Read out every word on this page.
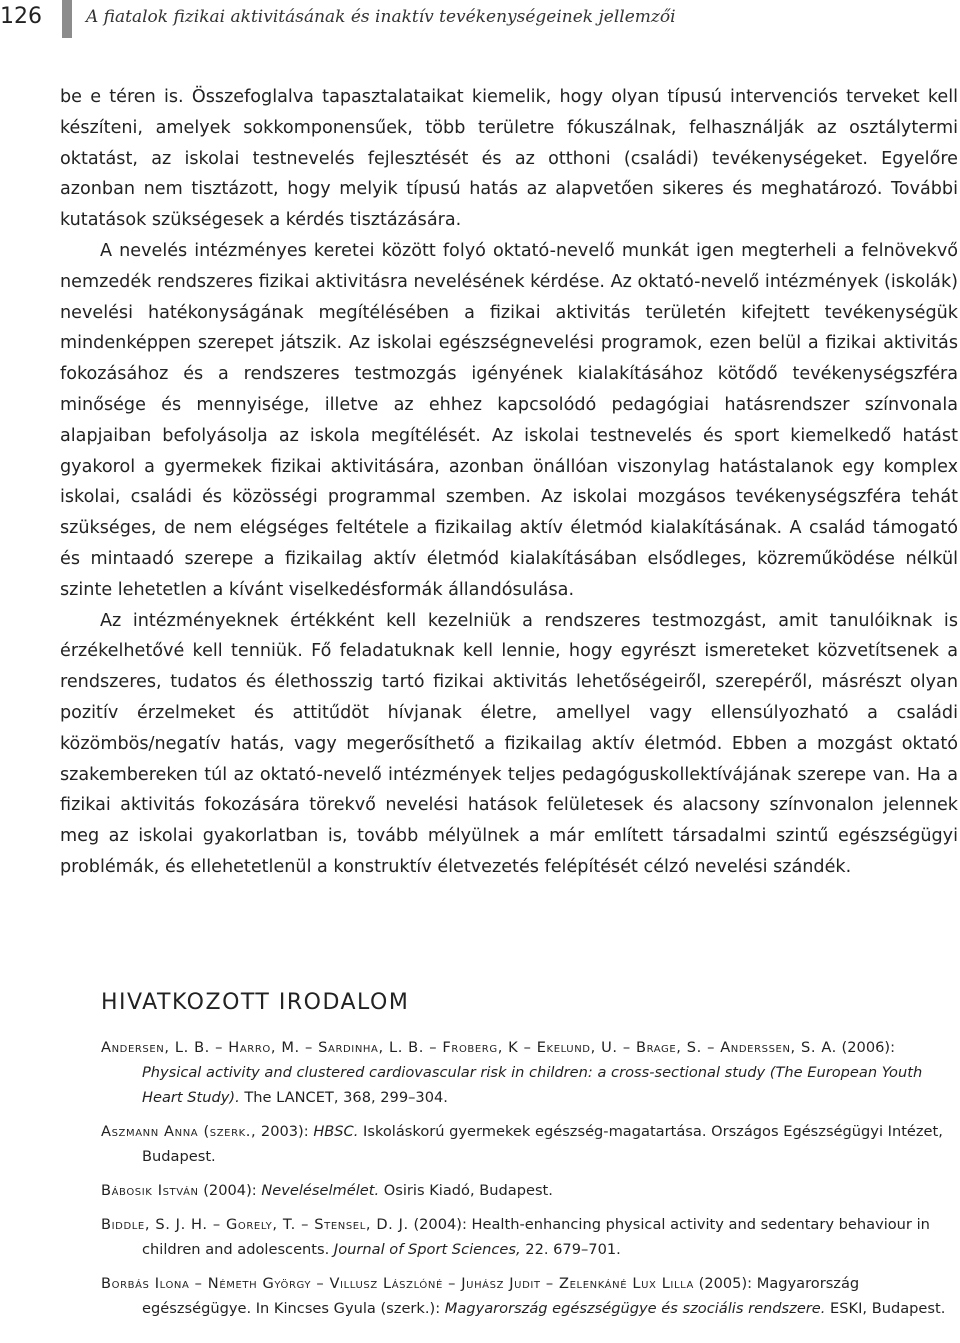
126	A fiatalok fizikai aktivitásának és inaktív tevékenységeinek jellemzői

be e téren is. Összefoglalva tapasztalataikat kiemelik, hogy olyan típusú intervenciós terveket kell készíteni, amelyek sokkomponensűek, több területre fókuszálnak, felhasználják az osztálytermi oktatást, az iskolai testnevelés fejlesztését és az otthoni (családi) tevékenységeket. Egyelőre azonban nem tisztázott, hogy melyik típusú hatás az alapvetően sikeres és meghatározó. További kutatások szükségesek a kérdés tisztázására.

A nevelés intézményes keretei között folyó oktató-nevelő munkát igen megterheli a felnövekvő nemzedék rendszeres fizikai aktivitásra nevelésének kérdése. Az oktató-nevelő intézmények (iskolák) nevelési hatékonyságának megítélésében a fizikai aktivitás területén kifejtett tevékenységük mindenképpen szerepet játszik. Az iskolai egészségnevelési programok, ezen belül a fizikai aktivitás fokozásához és a rendszeres testmozgás igényének kialakításához kötődő tevékenységszféra minősége és mennyisége, illetve az ehhez kapcsolódó pedagógiai hatásrendszer színvonala alapjaiban befolyásolja az iskola megítélését. Az iskolai testnevelés és sport kiemelkedő hatást gyakorol a gyermekek fizikai aktivitására, azonban önállóan viszonylag hatástalanok egy komplex iskolai, családi és közösségi programmal szemben. Az iskolai mozgásos tevékenységszféra tehát szükséges, de nem elégséges feltétele a fizikailag aktív életmód kialakításának. A család támogató és mintaadó szerepe a fizikailag aktív életmód kialakításában elsődleges, közreműködése nélkül szinte lehetetlen a kívánt viselkedésformák állandósulása.

Az intézményeknek értékként kell kezelniük a rendszeres testmozgást, amit tanulóiknak is érzékelhetővé kell tenniük. Fő feladatuknak kell lennie, hogy egyrészt ismereteket közvetítsenek a rendszeres, tudatos és élethosszig tartó fizikai aktivitás lehetőségeiről, szerepéről, másrészt olyan pozitív érzelmeket és attitűdöt hívjanak életre, amellyel vagy ellensúlyozható a családi közömbös/negatív hatás, vagy megerősíthető a fizikailag aktív életmód. Ebben a mozgást oktató szakembereken túl az oktató-nevelő intézmények teljes pedagóguskollektívájának szerepe van. Ha a fizikai aktivitás fokozására törekvő nevelési hatások felületesek és alacsony színvonalon jelennek meg az iskolai gyakorlatban is, tovább mélyülnek a már említett társadalmi szintű egészségügyi problémák, és ellehetetlenül a konstruktív életvezetés felépítését célzó nevelési szándék.

HIVATKOZOTT IRODALOM
Andersen, L. B. – Harro, M. – Sardinha, L. B. – Froberg, K – Ekelund, U. – Brage, S. – Anderssen, S. A. (2006): Physical activity and clustered cardiovascular risk in children: a cross-sectional study (The European Youth Heart Study). The LANCET, 368, 299–304.
Aszmann Anna (szerk., 2003): HBSC. Iskoláskorú gyermekek egészség-magatartása. Országos Egészségügyi Intézet, Budapest.
Bábosik István (2004): Neveléselmélet. Osiris Kiadó, Budapest.
Biddle, S. J. H. – Gorely, T. – Stensel, D. J. (2004): Health-enhancing physical activity and sedentary behaviour in children and adolescents. Journal of Sport Sciences, 22. 679–701.
Borbás Ilona – Németh György – Villusz Lászlóné – Juhász Judit – Zelenkáné Lux Lilla (2005): Magyarország egészségügye. In Kincses Gyula (szerk.): Magyarország egészségügye és szociális rendszere. ESKI, Budapest.
